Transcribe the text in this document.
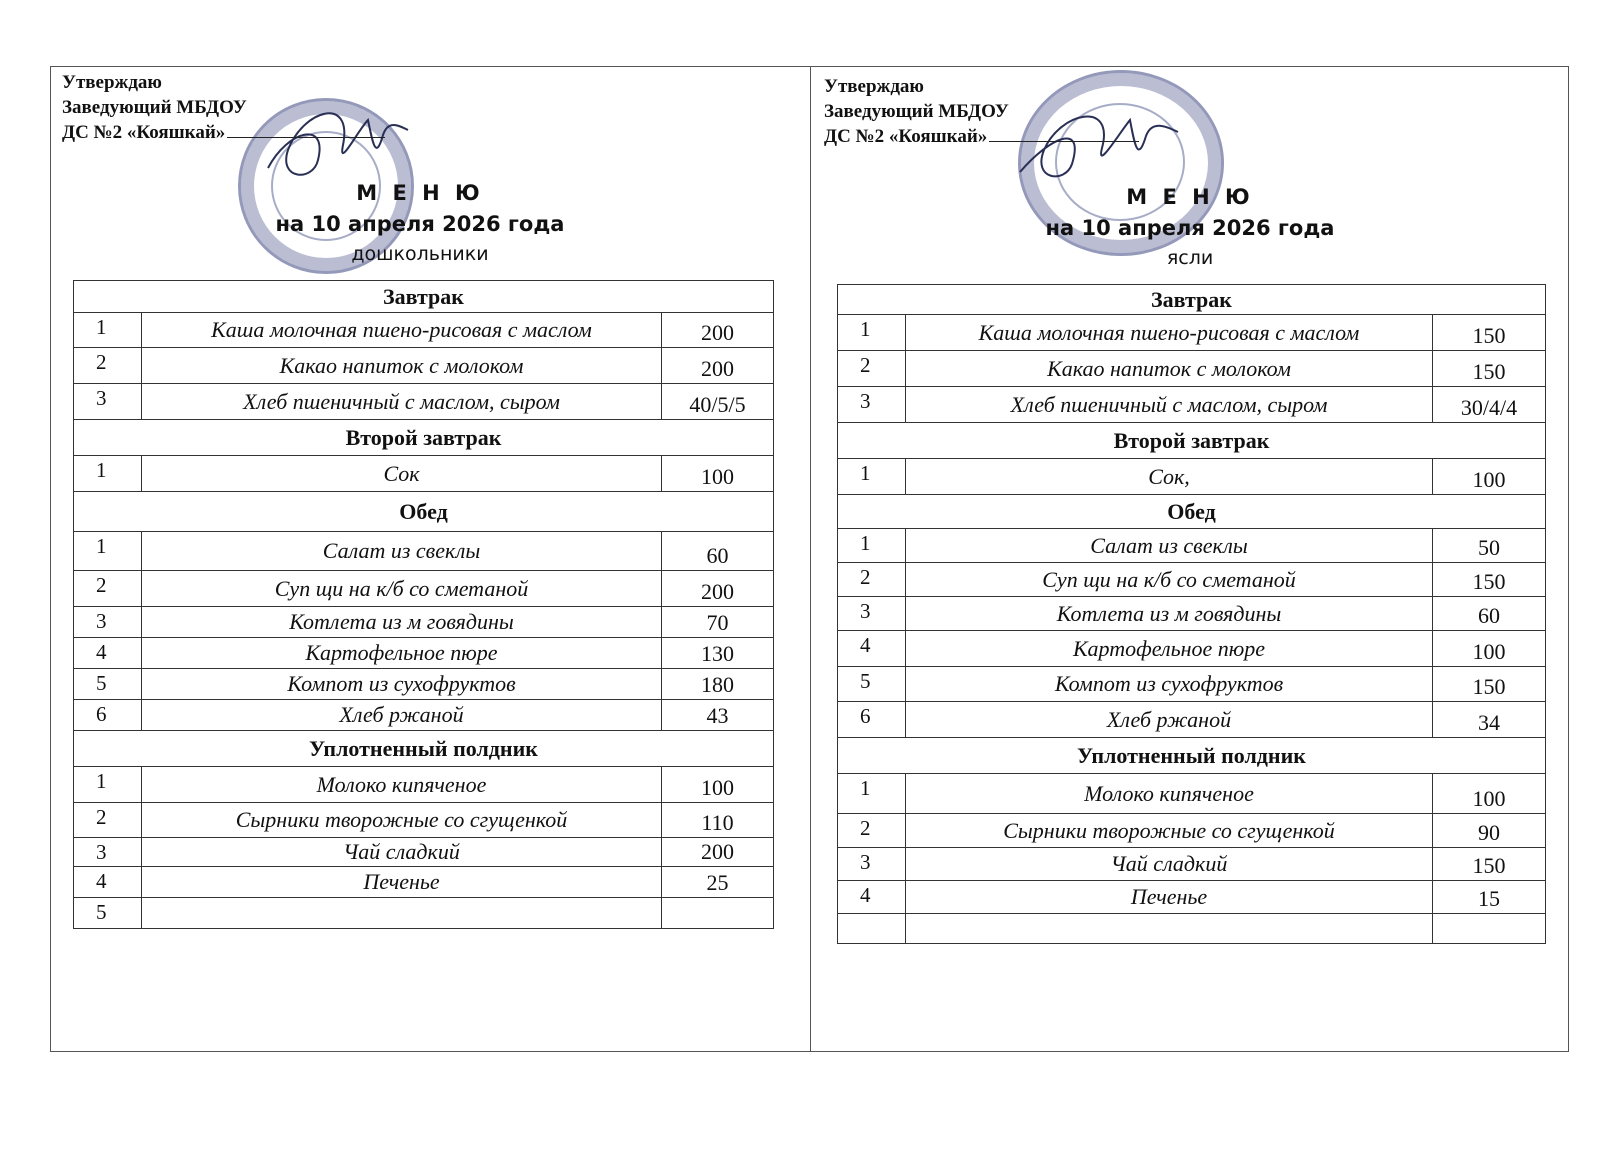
Утверждаю
Заведующий МБДОУ
ДС №2 «Кояшкай»
М Е Н Ю
на 10 апреля 2026 года
дошкольники
Завтрак		
1	Каша молочная пшено-рисовая с маслом	200
2	Какао напиток с молоком	200
3	Хлеб пшеничный с маслом, сыром	40/5/5
Второй завтрак		
1	Сок	100
Обед		
1	Салат из свеклы	60
2	Суп щи на к/б со сметаной	200
3	Котлета из м говядины	70
4	Картофельное пюре	130
5	Компот из сухофруктов	180
6	Хлеб ржаной	43
Уплотненный полдник		
1	Молоко кипяченое	100
2	Сырники творожные со сгущенкой	110
3	Чай сладкий	200
4	Печенье	25
5		
Утверждаю
Заведующий МБДОУ
ДС №2 «Кояшкай»
М Е Н Ю
на 10 апреля 2026 года
ясли
Завтрак		
1	Каша молочная пшено-рисовая с маслом	150
2	Какао напиток с молоком	150
3	Хлеб пшеничный с маслом, сыром	30/4/4
Второй завтрак		
1	Сок,	100
Обед		
1	Салат из свеклы	50
2	Суп щи на к/б со сметаной	150
3	Котлета из м говядины	60
4	Картофельное пюре	100
5	Компот из сухофруктов	150
6	Хлеб ржаной	34
Уплотненный полдник		
1	Молоко кипяченое	100
2	Сырники творожные со сгущенкой	90
3	Чай сладкий	150
4	Печенье	15
